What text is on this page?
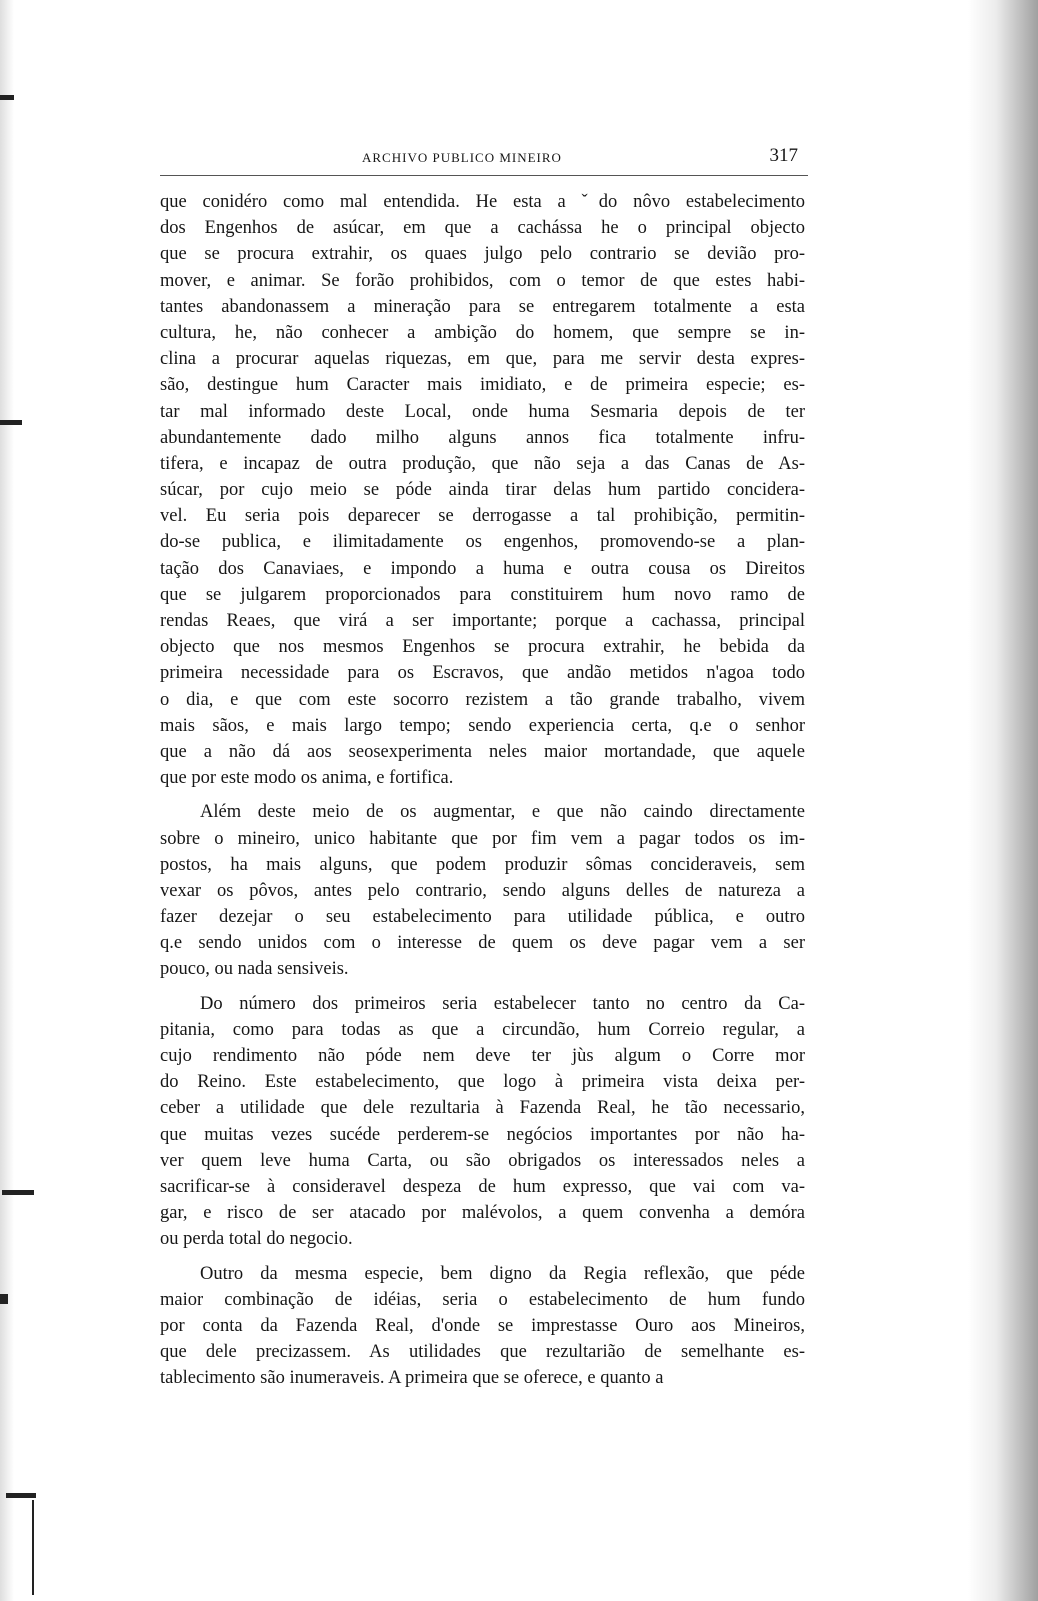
ARCHIVO PUBLICO MINEIRO	317
que conidéro como mal entendida. He esta a ˇdo nôvo estabelecimento
dos Engenhos de asúcar, em que a cachássa he o principal objecto
que se procura extrahir, os quaes julgo pelo contrario se devião pro-
mover, e animar. Se forão prohibidos, com o temor de que estes habi-
tantes abandonassem a mineração para se entregarem totalmente a esta
cultura, he, não conhecer a ambição do homem, que sempre se in-
clina a procurar aquelas riquezas, em que, para me servir desta expres-
são, destingue hum Caracter mais imidiato, e de primeira especie; es-
tar mal informado deste Local, onde huma Sesmaria depois de ter
abundantemente dado milho alguns annos fica totalmente infru-
tifera, e incapaz de outra produção, que não seja a das Canas de As-
súcar, por cujo meio se póde ainda tirar delas hum partido concidera-
vel. Eu seria pois deparecer se derrogasse a tal prohibição, permitin-
do-se publica, e ilimitadamente os engenhos, promovendo-se a plan-
tação dos Canaviaes, e impondo a huma e outra cousa os Direitos
que se julgarem proporcionados para constituirem hum novo ramo de
rendas Reaes, que virá a ser importante; porque a cachassa, principal
objecto que nos mesmos Engenhos se procura extrahir, he bebida da
primeira necessidade para os Escravos, que andão metidos n'agoa todo
o dia, e que com este socorro rezistem a tão grande trabalho, vivem
mais sãos, e mais largo tempo; sendo experiencia certa, q.e o senhor
que a não dá aos seosexperimenta neles maior mortandade, que aquele
que por este modo os anima, e fortifica.
Além deste meio de os augmentar, e que não caindo directamente
sobre o mineiro, unico habitante que por fim vem a pagar todos os im-
postos, ha mais alguns, que podem produzir sômas concideraveis, sem
vexar os pôvos, antes pelo contrario, sendo alguns delles de natureza a
fazer dezejar o seu estabelecimento para utilidade pública, e outro
q.e sendo unidos com o interesse de quem os deve pagar vem a ser
pouco, ou nada sensiveis.
Do número dos primeiros seria estabelecer tanto no centro da Ca-
pitania, como para todas as que a circundão, hum Correio regular, a
cujo rendimento não póde nem deve ter jùs algum o Corre mor
do Reino. Este estabelecimento, que logo à primeira vista deixa per-
ceber a utilidade que dele rezultaria à Fazenda Real, he tão necessario,
que muitas vezes sucéde perderem-se negócios importantes por não ha-
ver quem leve huma Carta, ou são obrigados os interessados neles a
sacrificar-se à consideravel despeza de hum expresso, que vai com va-
gar, e risco de ser atacado por malévolos, a quem convenha a demóra
ou perda total do negocio.
Outro da mesma especie, bem digno da Regia reflexão, que péde
maior combinação de idéias, seria o estabelecimento de hum fundo
por conta da Fazenda Real, d'onde se imprestasse Ouro aos Mineiros,
que dele precizassem. As utilidades que rezultarião de semelhante es-
tablecimento são inumeraveis. A primeira que se oferece, e quanto a
